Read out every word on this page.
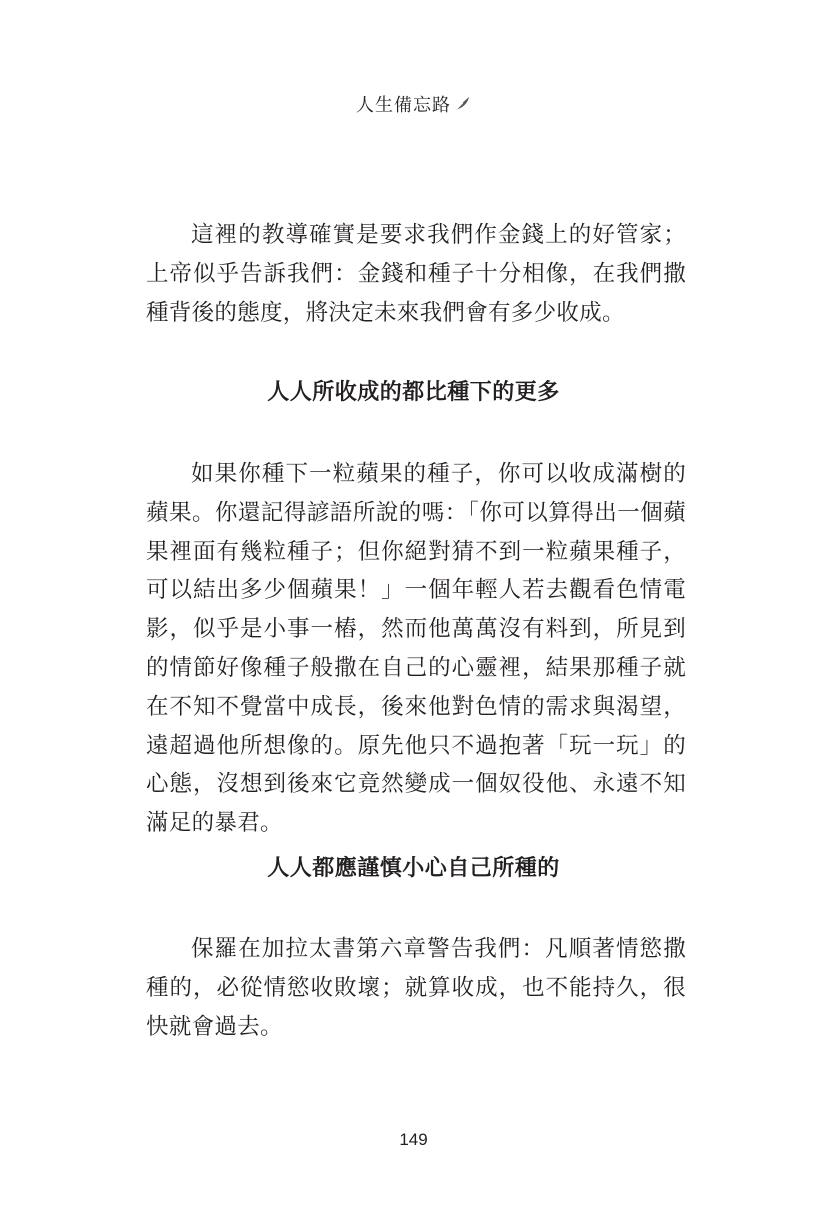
人生備忘路

這裡的教導確實是要求我們作金錢上的好管家；上帝似乎告訴我們：金錢和種子十分相像，在我們撒種背後的態度，將決定未來我們會有多少收成。

人人所收成的都比種下的更多

如果你種下一粒蘋果的種子，你可以收成滿樹的蘋果。你還記得諺語所說的嗎：「你可以算得出一個蘋果裡面有幾粒種子；但你絕對猜不到一粒蘋果種子，可以結出多少個蘋果！」一個年輕人若去觀看色情電影，似乎是小事一樁，然而他萬萬沒有料到，所見到的情節好像種子般撒在自己的心靈裡，結果那種子就在不知不覺當中成長，後來他對色情的需求與渴望，遠超過他所想像的。原先他只不過抱著「玩一玩」的心態，沒想到後來它竟然變成一個奴役他、永遠不知滿足的暴君。

人人都應謹慎小心自己所種的

保羅在加拉太書第六章警告我們：凡順著情慾撒種的，必從情慾收敗壞；就算收成，也不能持久，很快就會過去。

149
